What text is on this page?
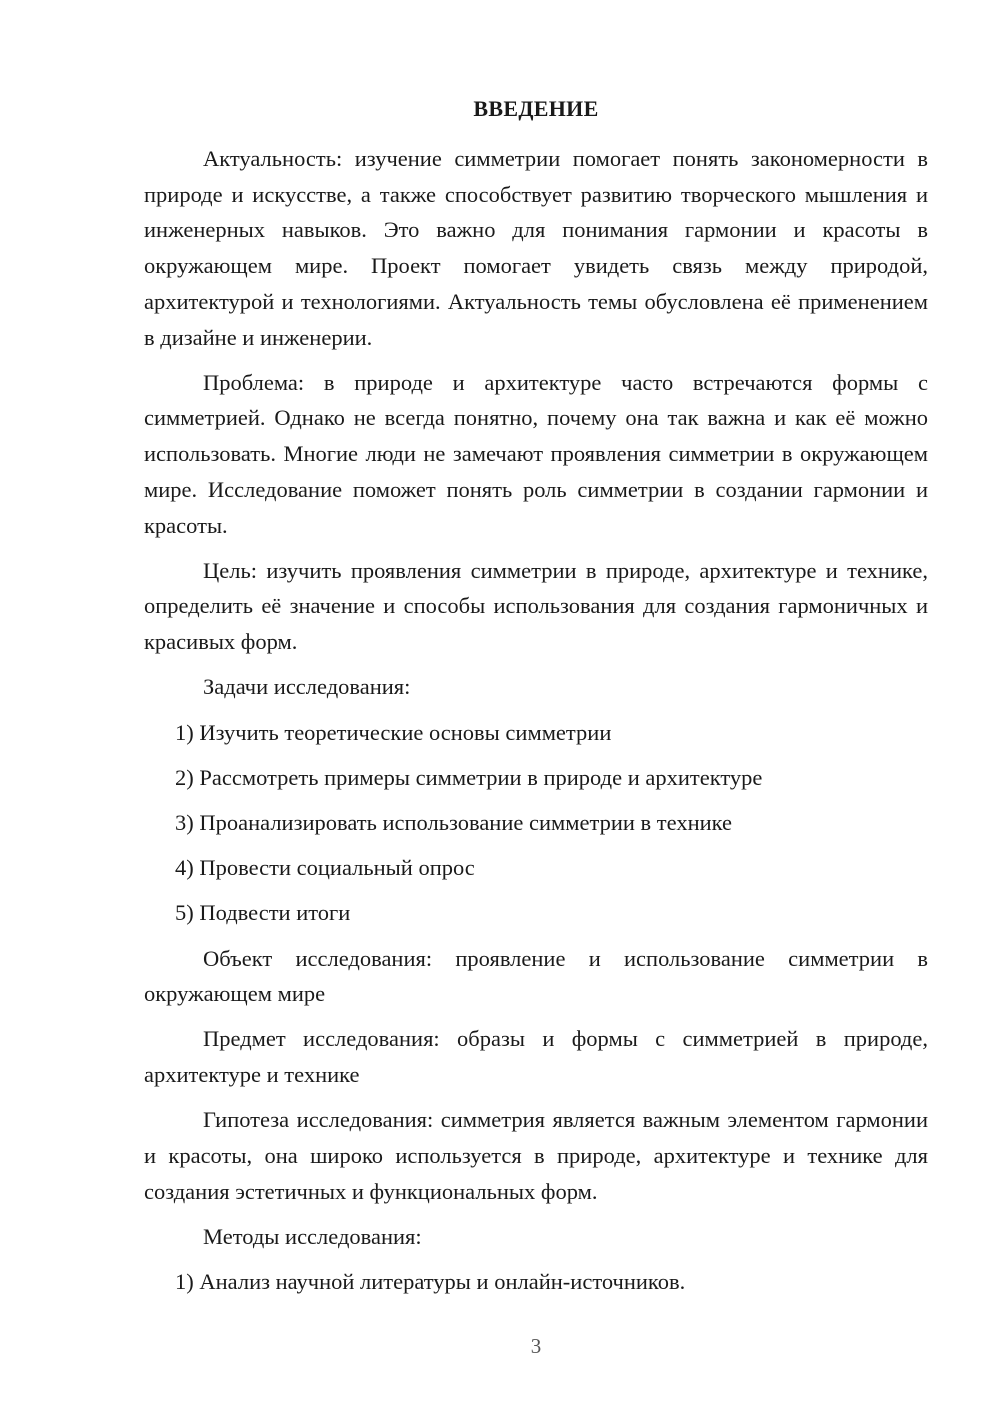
ВВЕДЕНИЕ

Актуальность: изучение симметрии помогает понять закономерности в природе и искусстве, а также способствует развитию творческого мышления и инженерных навыков. Это важно для понимания гармонии и красоты в окружающем мире. Проект помогает увидеть связь между природой, архитектурой и технологиями. Актуальность темы обусловлена её применением в дизайне и инженерии.

Проблема: в природе и архитектуре часто встречаются формы с симметрией. Однако не всегда понятно, почему она так важна и как её можно использовать. Многие люди не замечают проявления симметрии в окружающем мире. Исследование поможет понять роль симметрии в создании гармонии и красоты.

Цель: изучить проявления симметрии в природе, архитектуре и технике, определить её значение и способы использования для создания гармоничных и красивых форм.

Задачи исследования:

1) Изучить теоретические основы симметрии

2) Рассмотреть примеры симметрии в природе и архитектуре

3) Проанализировать использование симметрии в технике

4) Провести социальный опрос

5) Подвести итоги

Объект исследования: проявление и использование симметрии в окружающем мире

Предмет исследования: образы и формы с симметрией в природе, архитектуре и технике

Гипотеза исследования: симметрия является важным элементом гармонии и красоты, она широко используется в природе, архитектуре и технике для создания эстетичных и функциональных форм.

Методы исследования:

1) Анализ научной литературы и онлайн-источников.

3
